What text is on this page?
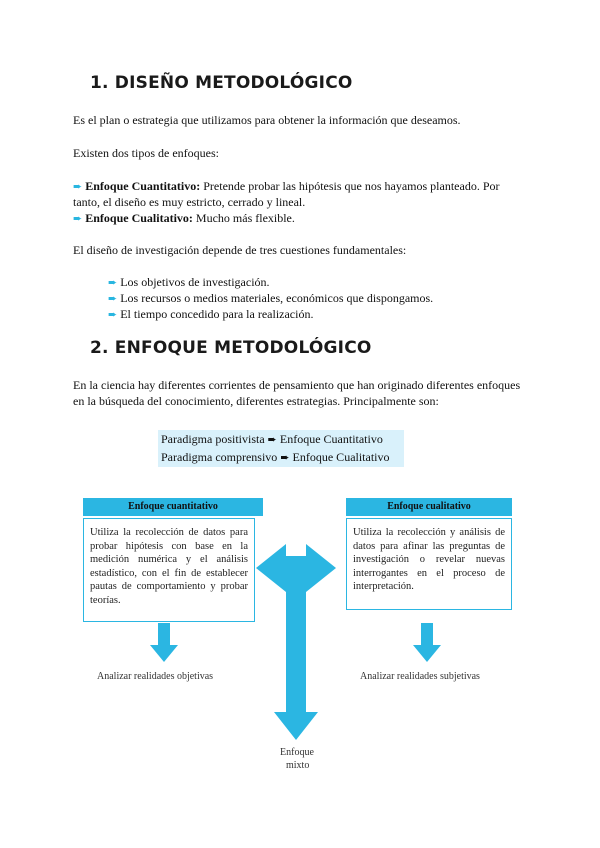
1. DISEÑO METODOLÓGICO
Es el plan o estrategia que utilizamos para obtener la información que deseamos.
Existen dos tipos de enfoques:
➨ Enfoque Cuantitativo: Pretende probar las hipótesis que nos hayamos planteado. Por
tanto, el diseño es muy estricto, cerrado y lineal.
➨ Enfoque Cualitativo: Mucho más flexible.
El diseño de investigación depende de tres cuestiones fundamentales:
➨ Los objetivos de investigación.
➨ Los recursos o medios materiales, económicos que dispongamos.
➨ El tiempo concedido para la realización.
2. ENFOQUE METODOLÓGICO
En la ciencia hay diferentes corrientes de pensamiento que han originado diferentes enfoques
en la búsqueda del conocimiento, diferentes estrategias. Principalmente son:
Paradigma positivista ➨ Enfoque Cuantitativo
Paradigma comprensivo ➨ Enfoque Cualitativo
Enfoque cuantitativo
Utiliza la recolección de datos para probar hipótesis con base en la medición numérica y el análisis estadístico, con el fin de establecer pautas de comportamiento y probar teorías.
Enfoque cualitativo
Utiliza la recolección y análisis de datos para afinar las preguntas de investigación o revelar nuevas interrogantes en el proceso de interpretación.
Analizar realidades objetivas	Analizar realidades subjetivas
Enfoque
mixto
